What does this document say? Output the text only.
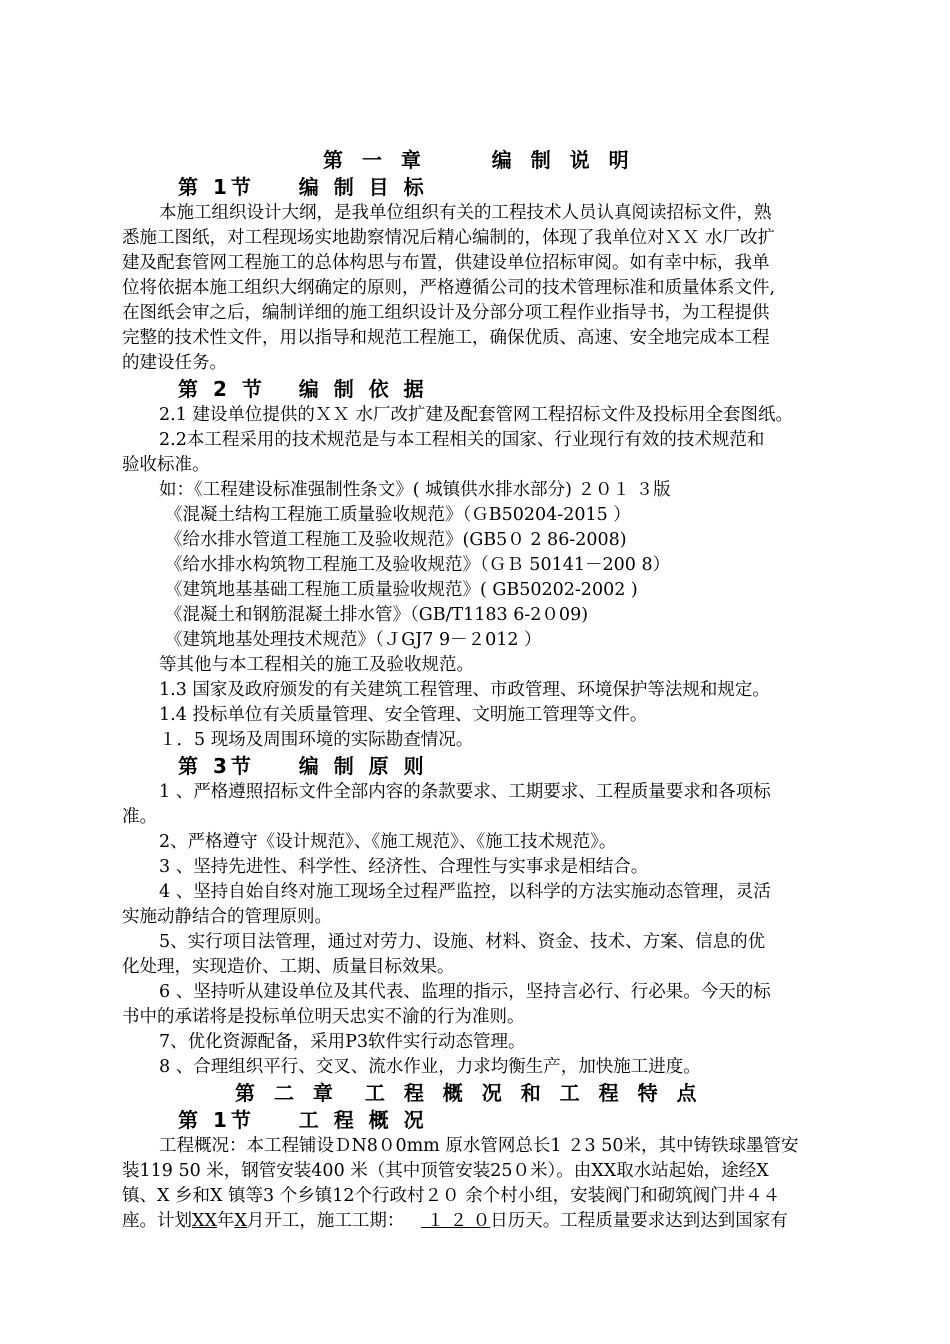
第 一 章     编 制 说 明
第 1节    编 制 目 标
本施工组织设计大纲，是我单位组织有关的工程技术人员认真阅读招标文件，熟
悉施工图纸，对工程现场实地勘察情况后精心编制的，体现了我单位对ＸＸ 水厂改扩
建及配套管网工程施工的总体构思与布置，供建设单位招标审阅。如有幸中标，我单
位将依据本施工组织大纲确定的原则，严格遵循公司的技术管理标准和质量体系文件,
在图纸会审之后，编制详细的施工组织设计及分部分项工程作业指导书，为工程提供
完整的技术性文件，用以指导和规范工程施工，确保优质、高速、安全地完成本工程
的建设任务。
第 2 节   编 制 依 据
2.1 建设单位提供的ＸＸ 水厂改扩建及配套管网工程招标文件及投标用全套图纸。
2.2本工程采用的技术规范是与本工程相关的国家、行业现行有效的技术规范和
验收标准。
如：《工程建设标准强制性条文》( 城镇供水排水部分) ２０１ ３版
《混凝土结构工程施工质量验收规范》（ＧB50204-2015 ）
《给水排水管道工程施工及验收规范》(GB5０ 2 86-2008)
《给水排水构筑物工程施工及验收规范》（ＧＢ 50141－200 8）
《建筑地基基础工程施工质量验收规范》( GB50202-2002 )
《混凝土和钢筋混凝土排水管》（GB/T1183 6-2０09)
《建筑地基处理技术规范》（ＪGJ7 9－２012 ）
等其他与本工程相关的施工及验收规范。
1.3 国家及政府颁发的有关建筑工程管理、市政管理、环境保护等法规和规定。
1.4 投标单位有关质量管理、安全管理、文明施工管理等文件。
１．5 现场及周围环境的实际勘查情况。
第 3节    编 制 原 则
1 、严格遵照招标文件全部内容的条款要求、工期要求、工程质量要求和各项标
准。
2、严格遵守《设计规范》、《施工规范》、《施工技术规范》。
3 、坚持先进性、科学性、经济性、合理性与实事求是相结合。
4 、坚持自始自终对施工现场全过程严监控，以科学的方法实施动态管理，灵活
实施动静结合的管理原则。
5、实行项目法管理，通过对劳力、设施、材料、资金、技术、方案、信息的优
化处理，实现造价、工期、质量目标效果。
6 、坚持听从建设单位及其代表、监理的指示，坚持言必行、行必果。今天的标
书中的承诺将是投标单位明天忠实不渝的行为准则。
7、优化资源配备，采用P3软件实行动态管理。
8 、合理组织平行、交叉、流水作业，力求均衡生产，加快施工进度。
第 二 章  工 程 概 况 和 工 程 特 点
第 1节    工 程 概 况
工程概况：本工程铺设ＤN8０0mm 原水管网总长1 ２3 50米，其中铸铁球墨管安
装119 50 米，钢管安装400 米（其中顶管安装25０米）。由XX取水站起始，途经X
镇、X 乡和X 镇等3 个乡镇12个行政村２０ 余个村小组，安装阀门和砌筑阀门井４４
座。计划XX年X月开工，施工工期：    １ ２ ０日历天。工程质量要求达到达到国家有
